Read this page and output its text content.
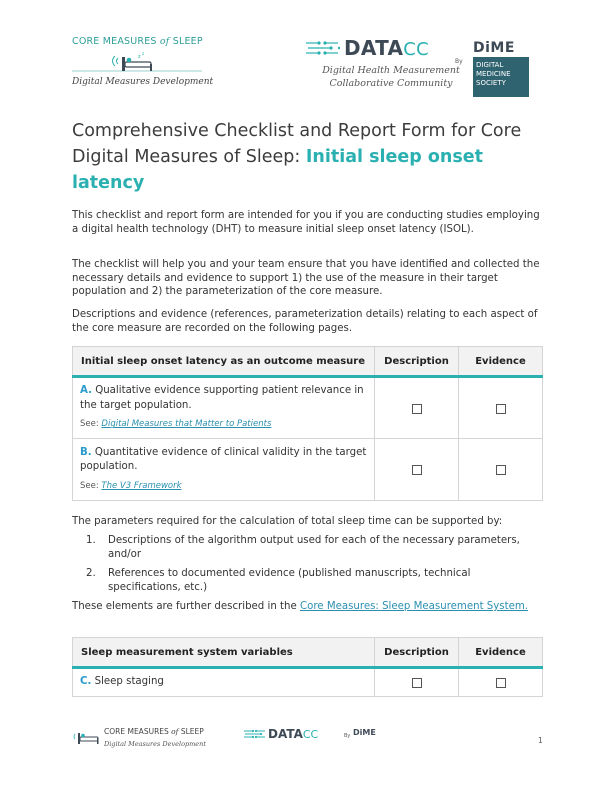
CORE MEASURES of SLEEP
z
z
Digital Measures Development
DATACC
Digital Health Measurement
Collaborative Community
By
DiME
DIGITAL
MEDICINE
SOCIETY
Comprehensive Checklist and Report Form for Core Digital Measures of Sleep: Initial sleep onset latency

This checklist and report form are intended for you if you are conducting studies employing a digital health technology (DHT) to measure initial sleep onset latency (ISOL).

The checklist will help you and your team ensure that you have identified and collected the necessary details and evidence to support 1) the use of the measure in their target population and 2) the parameterization of the core measure.

Descriptions and evidence (references, parameterization details) relating to each aspect of the core measure are recorded on the following pages.

Initial sleep onset latency as an outcome measure	Description	Evidence

A. Qualitative evidence supporting patient relevance in the target population.
See: Digital Measures that Matter to Patients		

B. Quantitative evidence of clinical validity in the target population.
See: The V3 Framework		

The parameters required for the calculation of total sleep time can be supported by:
1.	Descriptions of the algorithm output used for each of the necessary parameters, and/or
2.	References to documented evidence (published manuscripts, technical specifications, etc.)
These elements are further described in the Core Measures: Sleep Measurement System.
Sleep measurement system variables	Description	Evidence
C. Sleep staging		
CORE MEASURES of SLEEP
Digital Measures Development
DATACC	By DiME
1
